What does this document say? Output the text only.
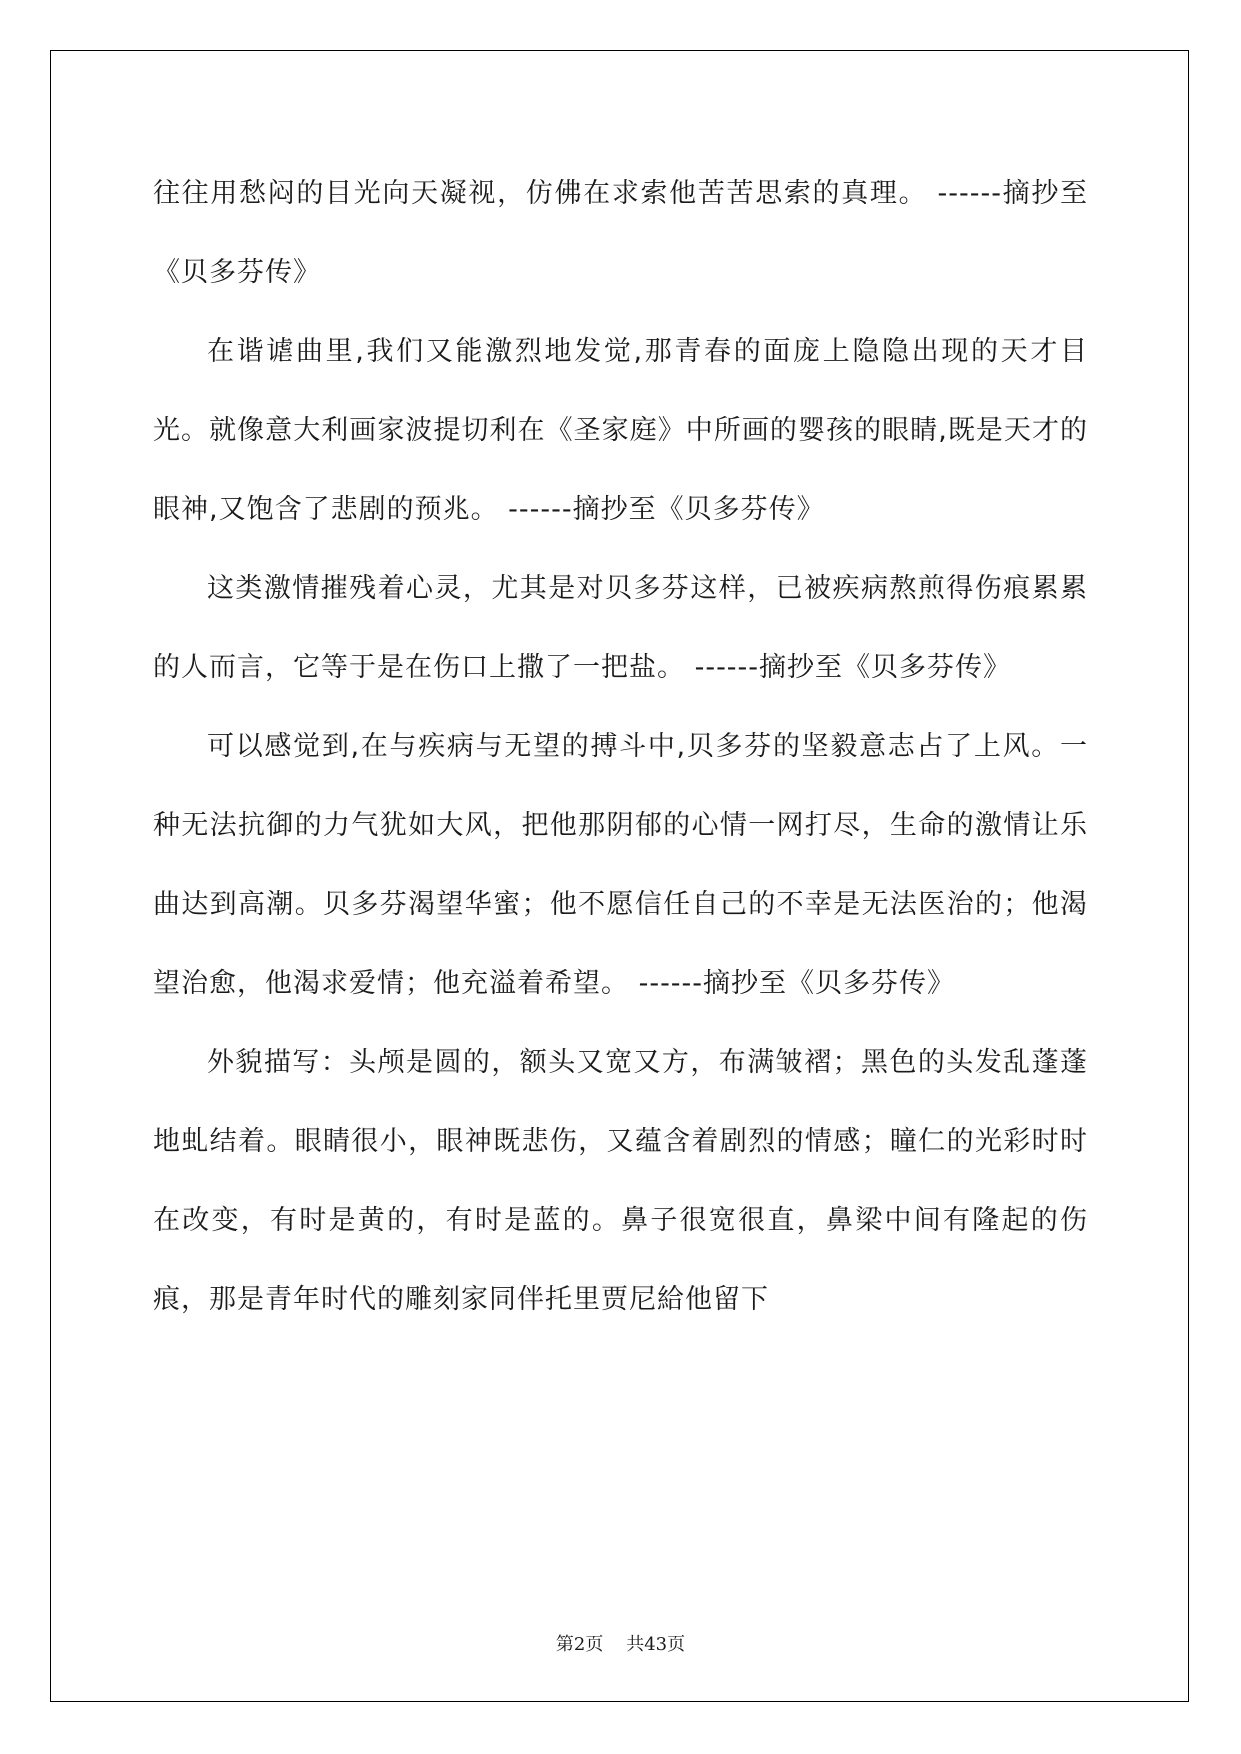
往往用愁闷的目光向天凝视，仿佛在求索他苦苦思索的真理。 ------摘抄至《贝多芬传》

在谐谑曲里,我们又能激烈地发觉,那青春的面庞上隐隐出现的天才目光。就像意大利画家波提切利在《圣家庭》中所画的婴孩的眼睛,既是天才的眼神,又饱含了悲剧的预兆。 ------摘抄至《贝多芬传》

这类激情摧残着心灵，尤其是对贝多芬这样，已被疾病熬煎得伤痕累累的人而言，它等于是在伤口上撒了一把盐。 ------摘抄至《贝多芬传》

可以感觉到,在与疾病与无望的搏斗中,贝多芬的坚毅意志占了上风。一种无法抗御的力气犹如大风，把他那阴郁的心情一网打尽，生命的激情让乐曲达到高潮。贝多芬渴望华蜜；他不愿信任自己的不幸是无法医治的；他渴望治愈，他渴求爱情；他充溢着希望。 ------摘抄至《贝多芬传》

外貌描写：头颅是圆的，额头又宽又方，布满皱褶；黑色的头发乱蓬蓬地虬结着。眼睛很小，眼神既悲伤，又蕴含着剧烈的情感；瞳仁的光彩时时在改变，有时是黄的，有时是蓝的。鼻子很宽很直，鼻梁中间有隆起的伤痕，那是青年时代的雕刻家同伴托里贾尼給他留下

第2页 共43页
